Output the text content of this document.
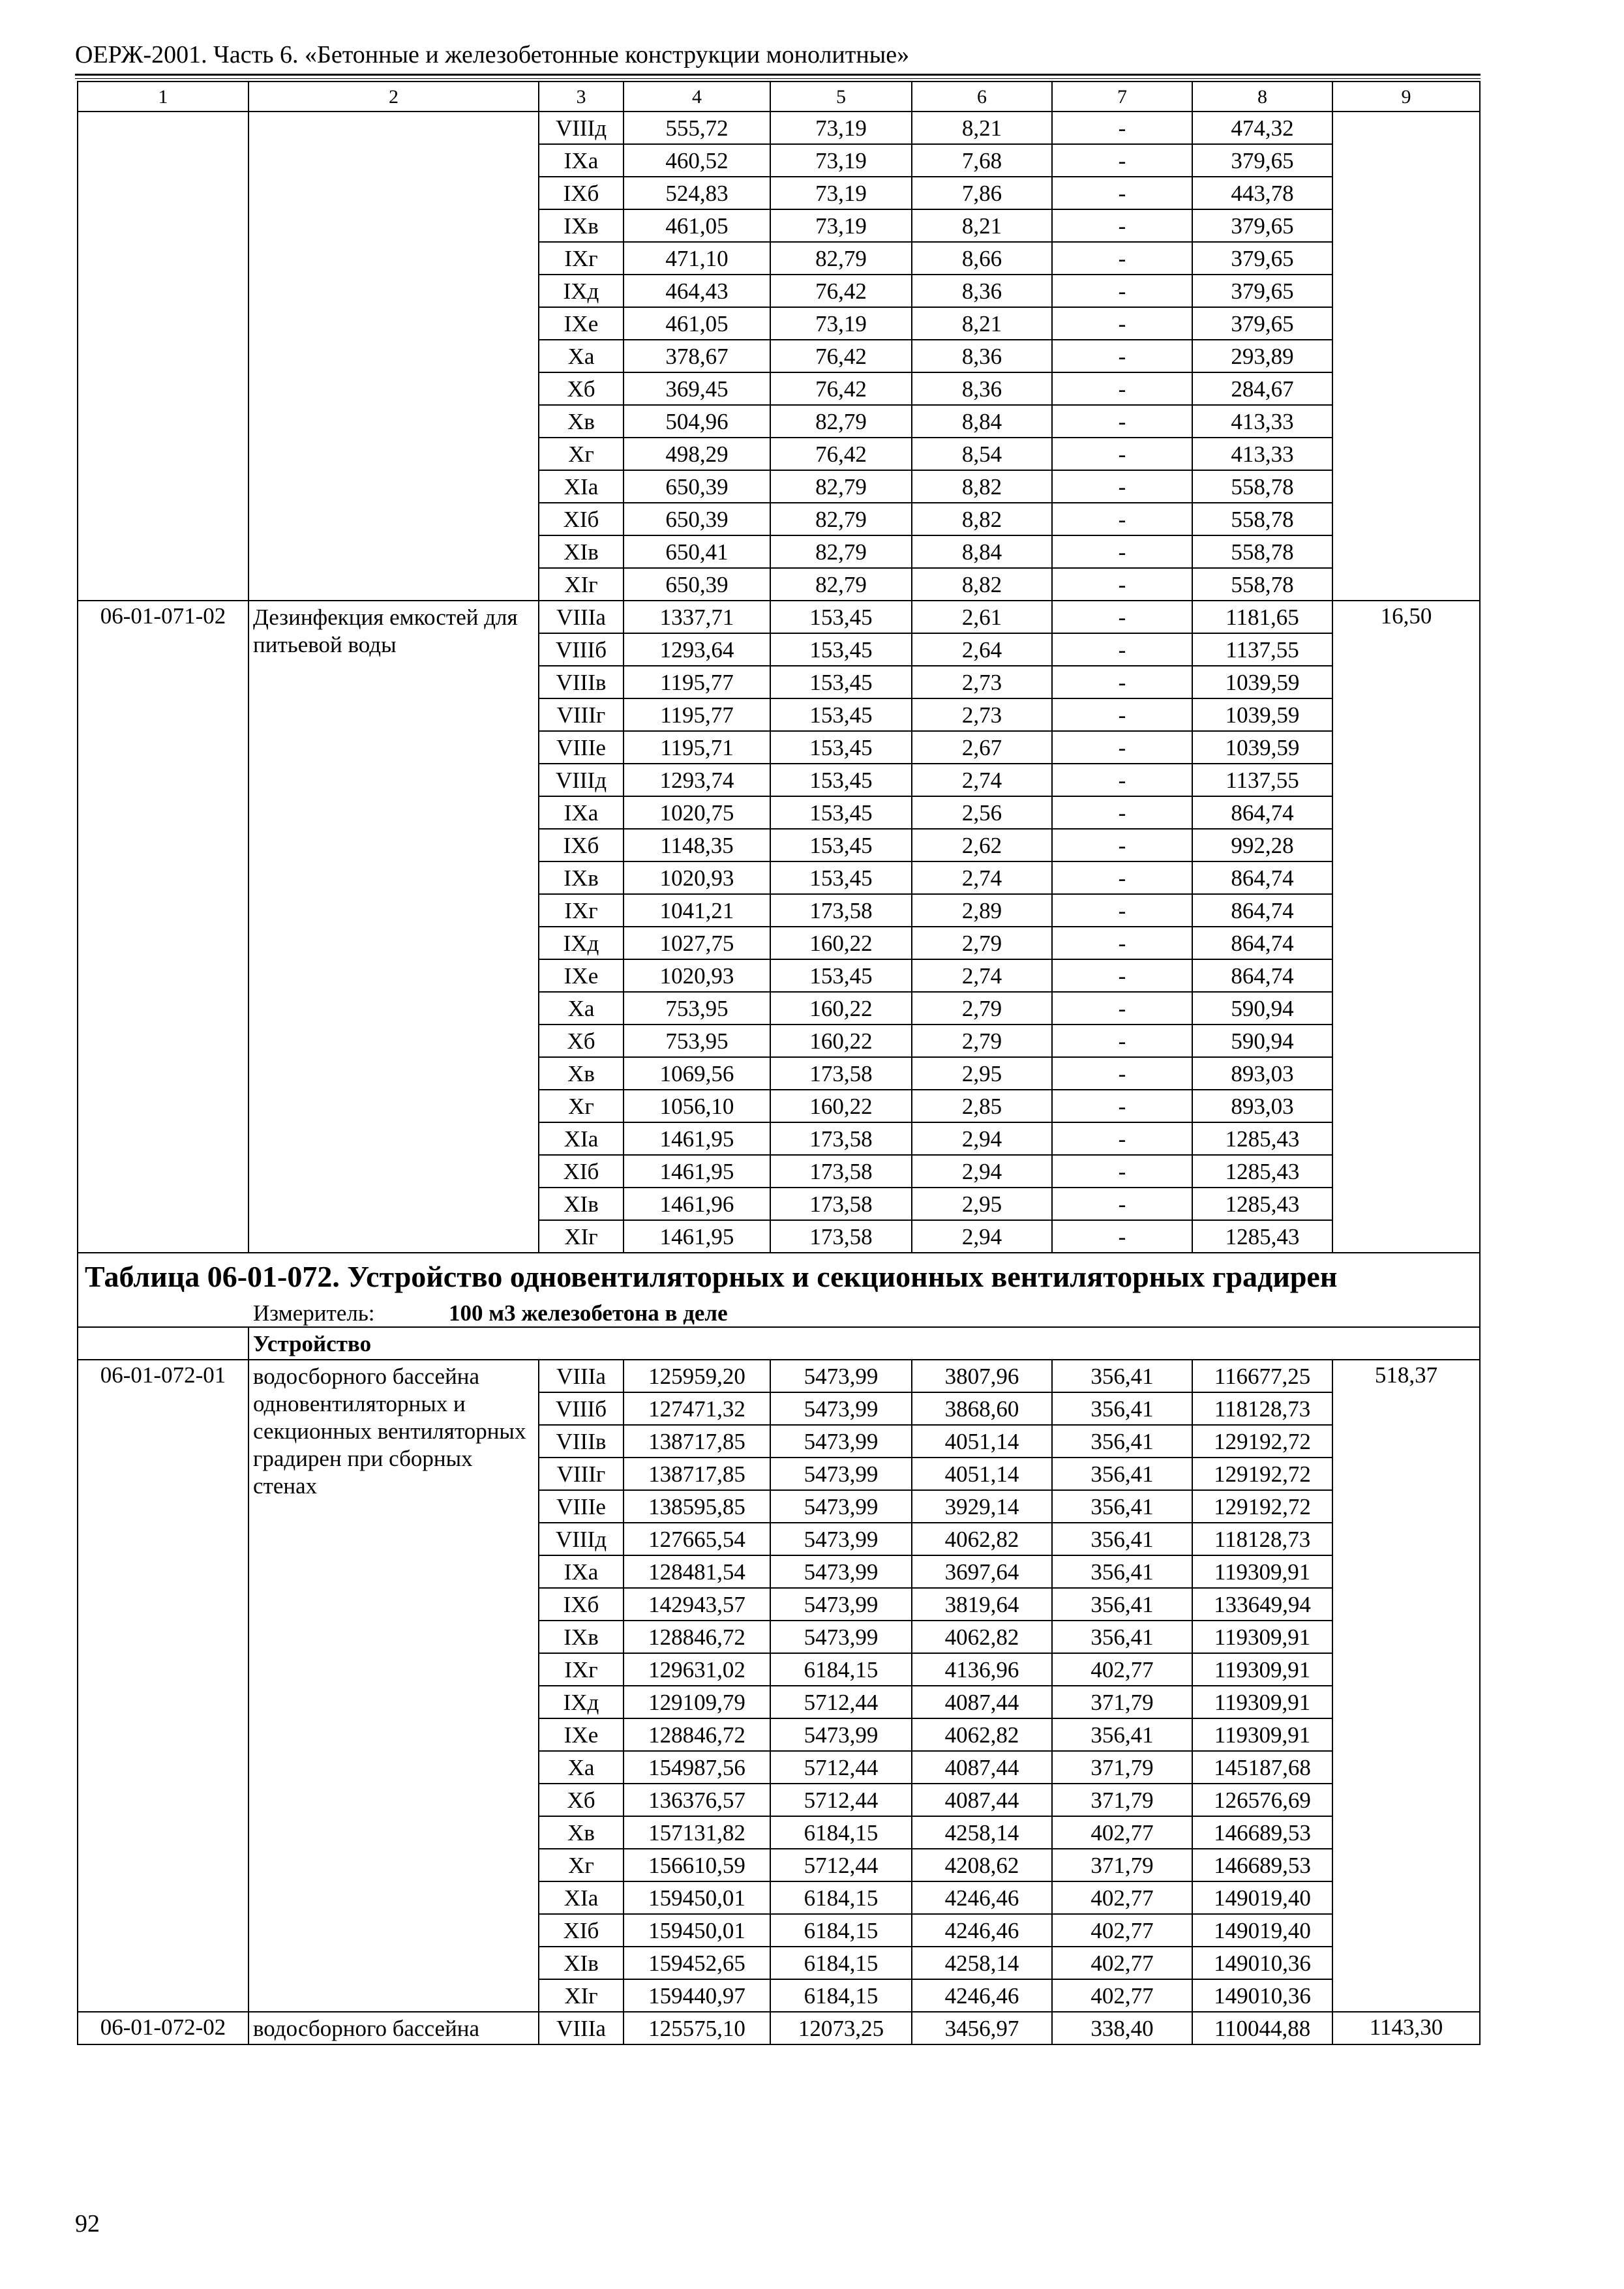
ОЕРЖ-2001. Часть 6. «Бетонные и железобетонные конструкции монолитные»
1	2	3	4	5	6	7	8	9
		VIIIд	555,72	73,19	8,21	-	474,32	
		IXа	460,52	73,19	7,68	-	379,65	
		IXб	524,83	73,19	7,86	-	443,78	
		IXв	461,05	73,19	8,21	-	379,65	
		IXг	471,10	82,79	8,66	-	379,65	
		IXд	464,43	76,42	8,36	-	379,65	
		IXе	461,05	73,19	8,21	-	379,65	
		Xа	378,67	76,42	8,36	-	293,89	
		Xб	369,45	76,42	8,36	-	284,67	
		Xв	504,96	82,79	8,84	-	413,33	
		Xг	498,29	76,42	8,54	-	413,33	
		XIа	650,39	82,79	8,82	-	558,78	
		XIб	650,39	82,79	8,82	-	558,78	
		XIв	650,41	82,79	8,84	-	558,78	
		XIг	650,39	82,79	8,82	-	558,78	
06-01-071-02	Дезинфекция емкостей для питьевой воды	VIIIа	1337,71	153,45	2,61	-	1181,65	16,50
		VIIIб	1293,64	153,45	2,64	-	1137,55	
		VIIIв	1195,77	153,45	2,73	-	1039,59	
		VIIIг	1195,77	153,45	2,73	-	1039,59	
		VIIIе	1195,71	153,45	2,67	-	1039,59	
		VIIIд	1293,74	153,45	2,74	-	1137,55	
		IXа	1020,75	153,45	2,56	-	864,74	
		IXб	1148,35	153,45	2,62	-	992,28	
		IXв	1020,93	153,45	2,74	-	864,74	
		IXг	1041,21	173,58	2,89	-	864,74	
		IXд	1027,75	160,22	2,79	-	864,74	
		IXе	1020,93	153,45	2,74	-	864,74	
		Xа	753,95	160,22	2,79	-	590,94	
		Xб	753,95	160,22	2,79	-	590,94	
		Xв	1069,56	173,58	2,95	-	893,03	
		Xг	1056,10	160,22	2,85	-	893,03	
		XIа	1461,95	173,58	2,94	-	1285,43	
		XIб	1461,95	173,58	2,94	-	1285,43	
		XIв	1461,96	173,58	2,95	-	1285,43	
		XIг	1461,95	173,58	2,94	-	1285,43	
Таблица 06-01-072. Устройство одновентиляторных и секционных вентиляторных градирен								
Измеритель: 100 м3 железобетона в деле								
	Устройство							
06-01-072-01	водосборного бассейна одновентиляторных и секционных вентиляторных градирен при сборных стенах	VIIIа	125959,20	5473,99	3807,96	356,41	116677,25	518,37
		VIIIб	127471,32	5473,99	3868,60	356,41	118128,73	
		VIIIв	138717,85	5473,99	4051,14	356,41	129192,72	
		VIIIг	138717,85	5473,99	4051,14	356,41	129192,72	
		VIIIе	138595,85	5473,99	3929,14	356,41	129192,72	
		VIIIд	127665,54	5473,99	4062,82	356,41	118128,73	
		IXа	128481,54	5473,99	3697,64	356,41	119309,91	
		IXб	142943,57	5473,99	3819,64	356,41	133649,94	
		IXв	128846,72	5473,99	4062,82	356,41	119309,91	
		IXг	129631,02	6184,15	4136,96	402,77	119309,91	
		IXд	129109,79	5712,44	4087,44	371,79	119309,91	
		IXе	128846,72	5473,99	4062,82	356,41	119309,91	
		Xа	154987,56	5712,44	4087,44	371,79	145187,68	
		Xб	136376,57	5712,44	4087,44	371,79	126576,69	
		Xв	157131,82	6184,15	4258,14	402,77	146689,53	
		Xг	156610,59	5712,44	4208,62	371,79	146689,53	
		XIа	159450,01	6184,15	4246,46	402,77	149019,40	
		XIб	159450,01	6184,15	4246,46	402,77	149019,40	
		XIв	159452,65	6184,15	4258,14	402,77	149010,36	
		XIг	159440,97	6184,15	4246,46	402,77	149010,36	
06-01-072-02	водосборного бассейна	VIIIа	125575,10	12073,25	3456,97	338,40	110044,88	1143,30
92
